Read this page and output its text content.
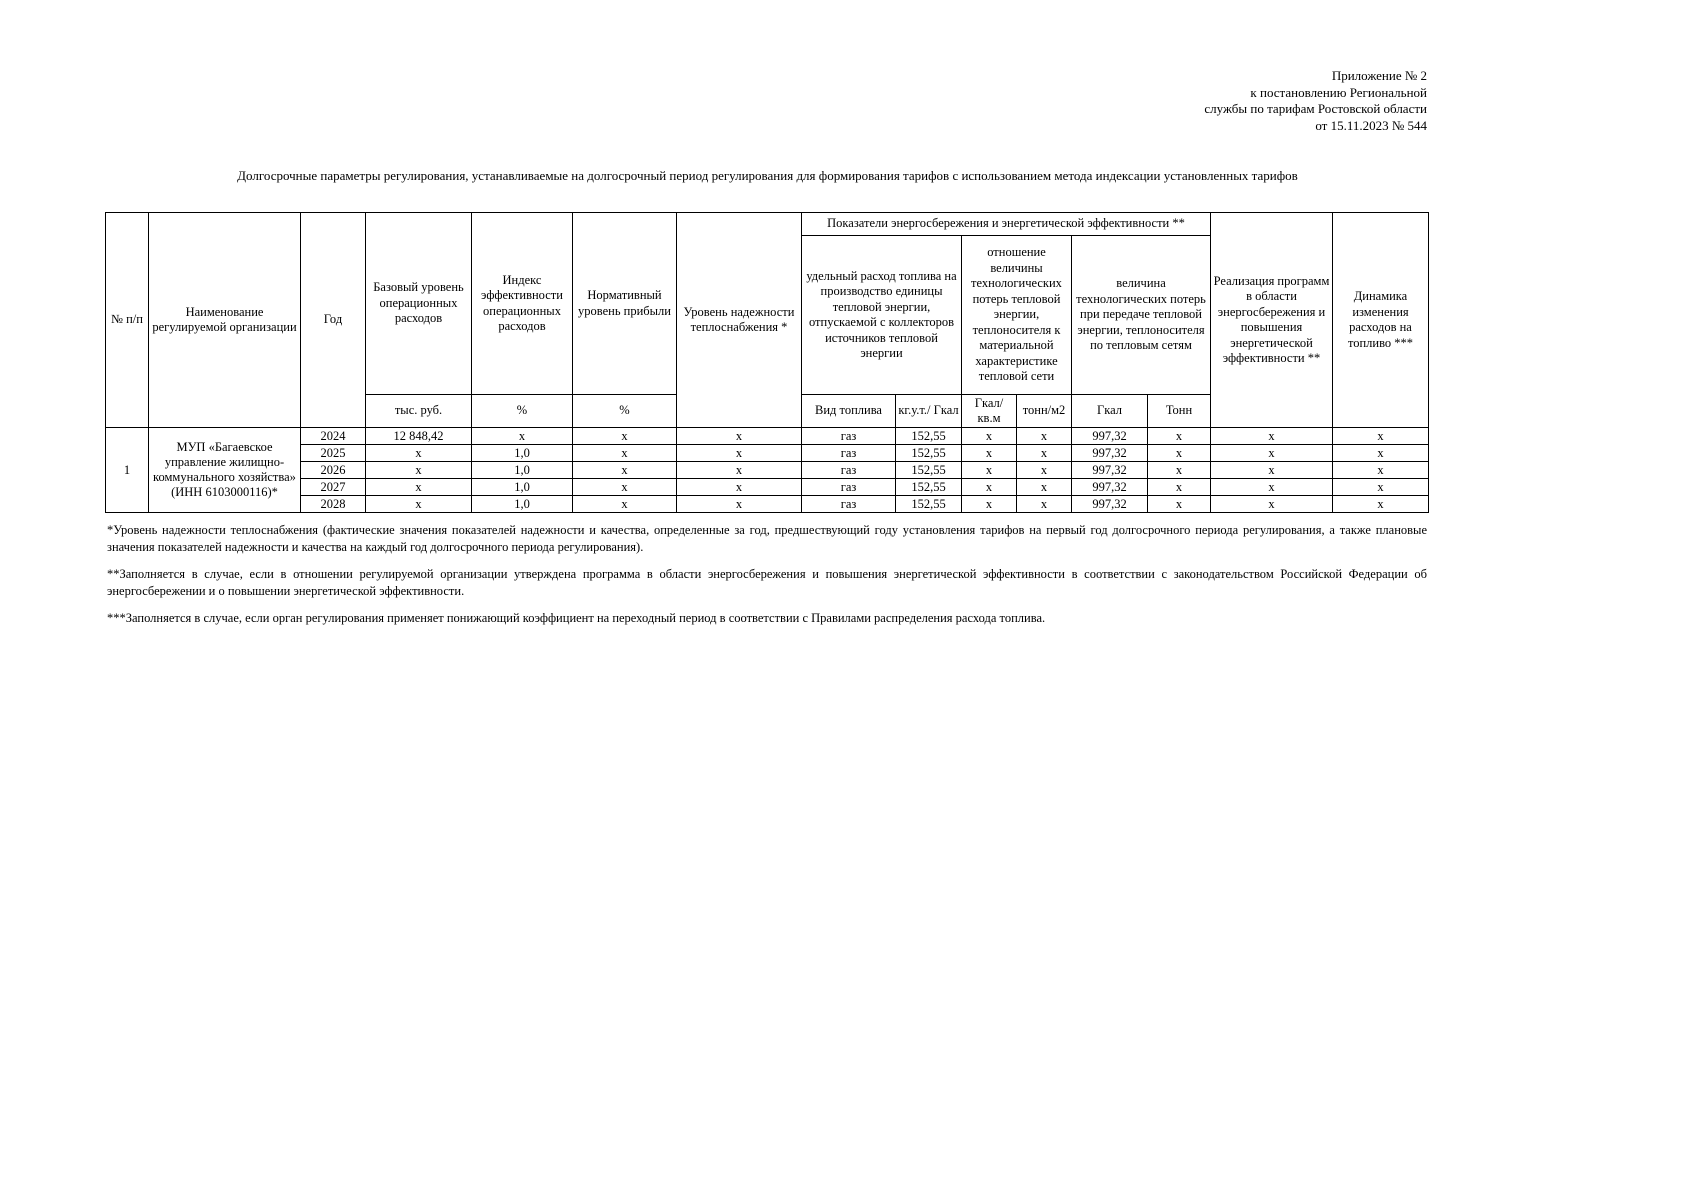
Приложение № 2
к постановлению Региональной
службы по тарифам Ростовской области
от 15.11.2023 № 544
Долгосрочные параметры регулирования, устанавливаемые на долгосрочный период регулирования для формирования тарифов с использованием метода индексации установленных тарифов
№ п/п	Наименование регулируемой организации	Год	Базовый уровень операционных расходов	Индекс эффективности операционных расходов	Нормативный уровень прибыли	Уровень надежности теплоснабжения *	Показатели энергосбережения и энергетической эффективности **						Реализация программ в области энергосбережения и повышения энергетической эффективности **	Динамика изменения расходов на топливо ***
							удельный расход топлива на производство единицы тепловой энергии, отпускаемой с коллекторов источников тепловой энергии		отношение величины технологических потерь тепловой энергии, теплоносителя к материальной характеристике тепловой сети		величина технологических потерь при передаче тепловой энергии, теплоносителя по тепловым сетям			
			тыс. руб.	%	%		Вид топлива	кг.у.т./ Гкал	Гкал/ кв.м	тонн/м2	Гкал	Тонн		
1	МУП «Багаевское управление жилищно-коммунального хозяйства» (ИНН 6103000116)*	2024	12 848,42	x	x	x	газ	152,55	x	x	997,32	x	x	x
		2025	x	1,0	x	x	газ	152,55	x	x	997,32	x	x	x
		2026	x	1,0	x	x	газ	152,55	x	x	997,32	x	x	x
		2027	x	1,0	x	x	газ	152,55	x	x	997,32	x	x	x
		2028	x	1,0	x	x	газ	152,55	x	x	997,32	x	x	x

*Уровень надежности теплоснабжения (фактические значения показателей надежности и качества, определенные за год, предшествующий году установления тарифов на первый год долгосрочного периода регулирования, а также плановые значения показателей надежности и качества на каждый год долгосрочного периода регулирования).

**Заполняется в случае, если в отношении регулируемой организации утверждена программа в области энергосбережения и повышения энергетической эффективности в соответствии с законодательством Российской Федерации об энергосбережении и о повышении энергетической эффективности.

***Заполняется в случае, если орган регулирования применяет понижающий коэффициент на переходный период в соответствии с Правилами распределения расхода топлива.
